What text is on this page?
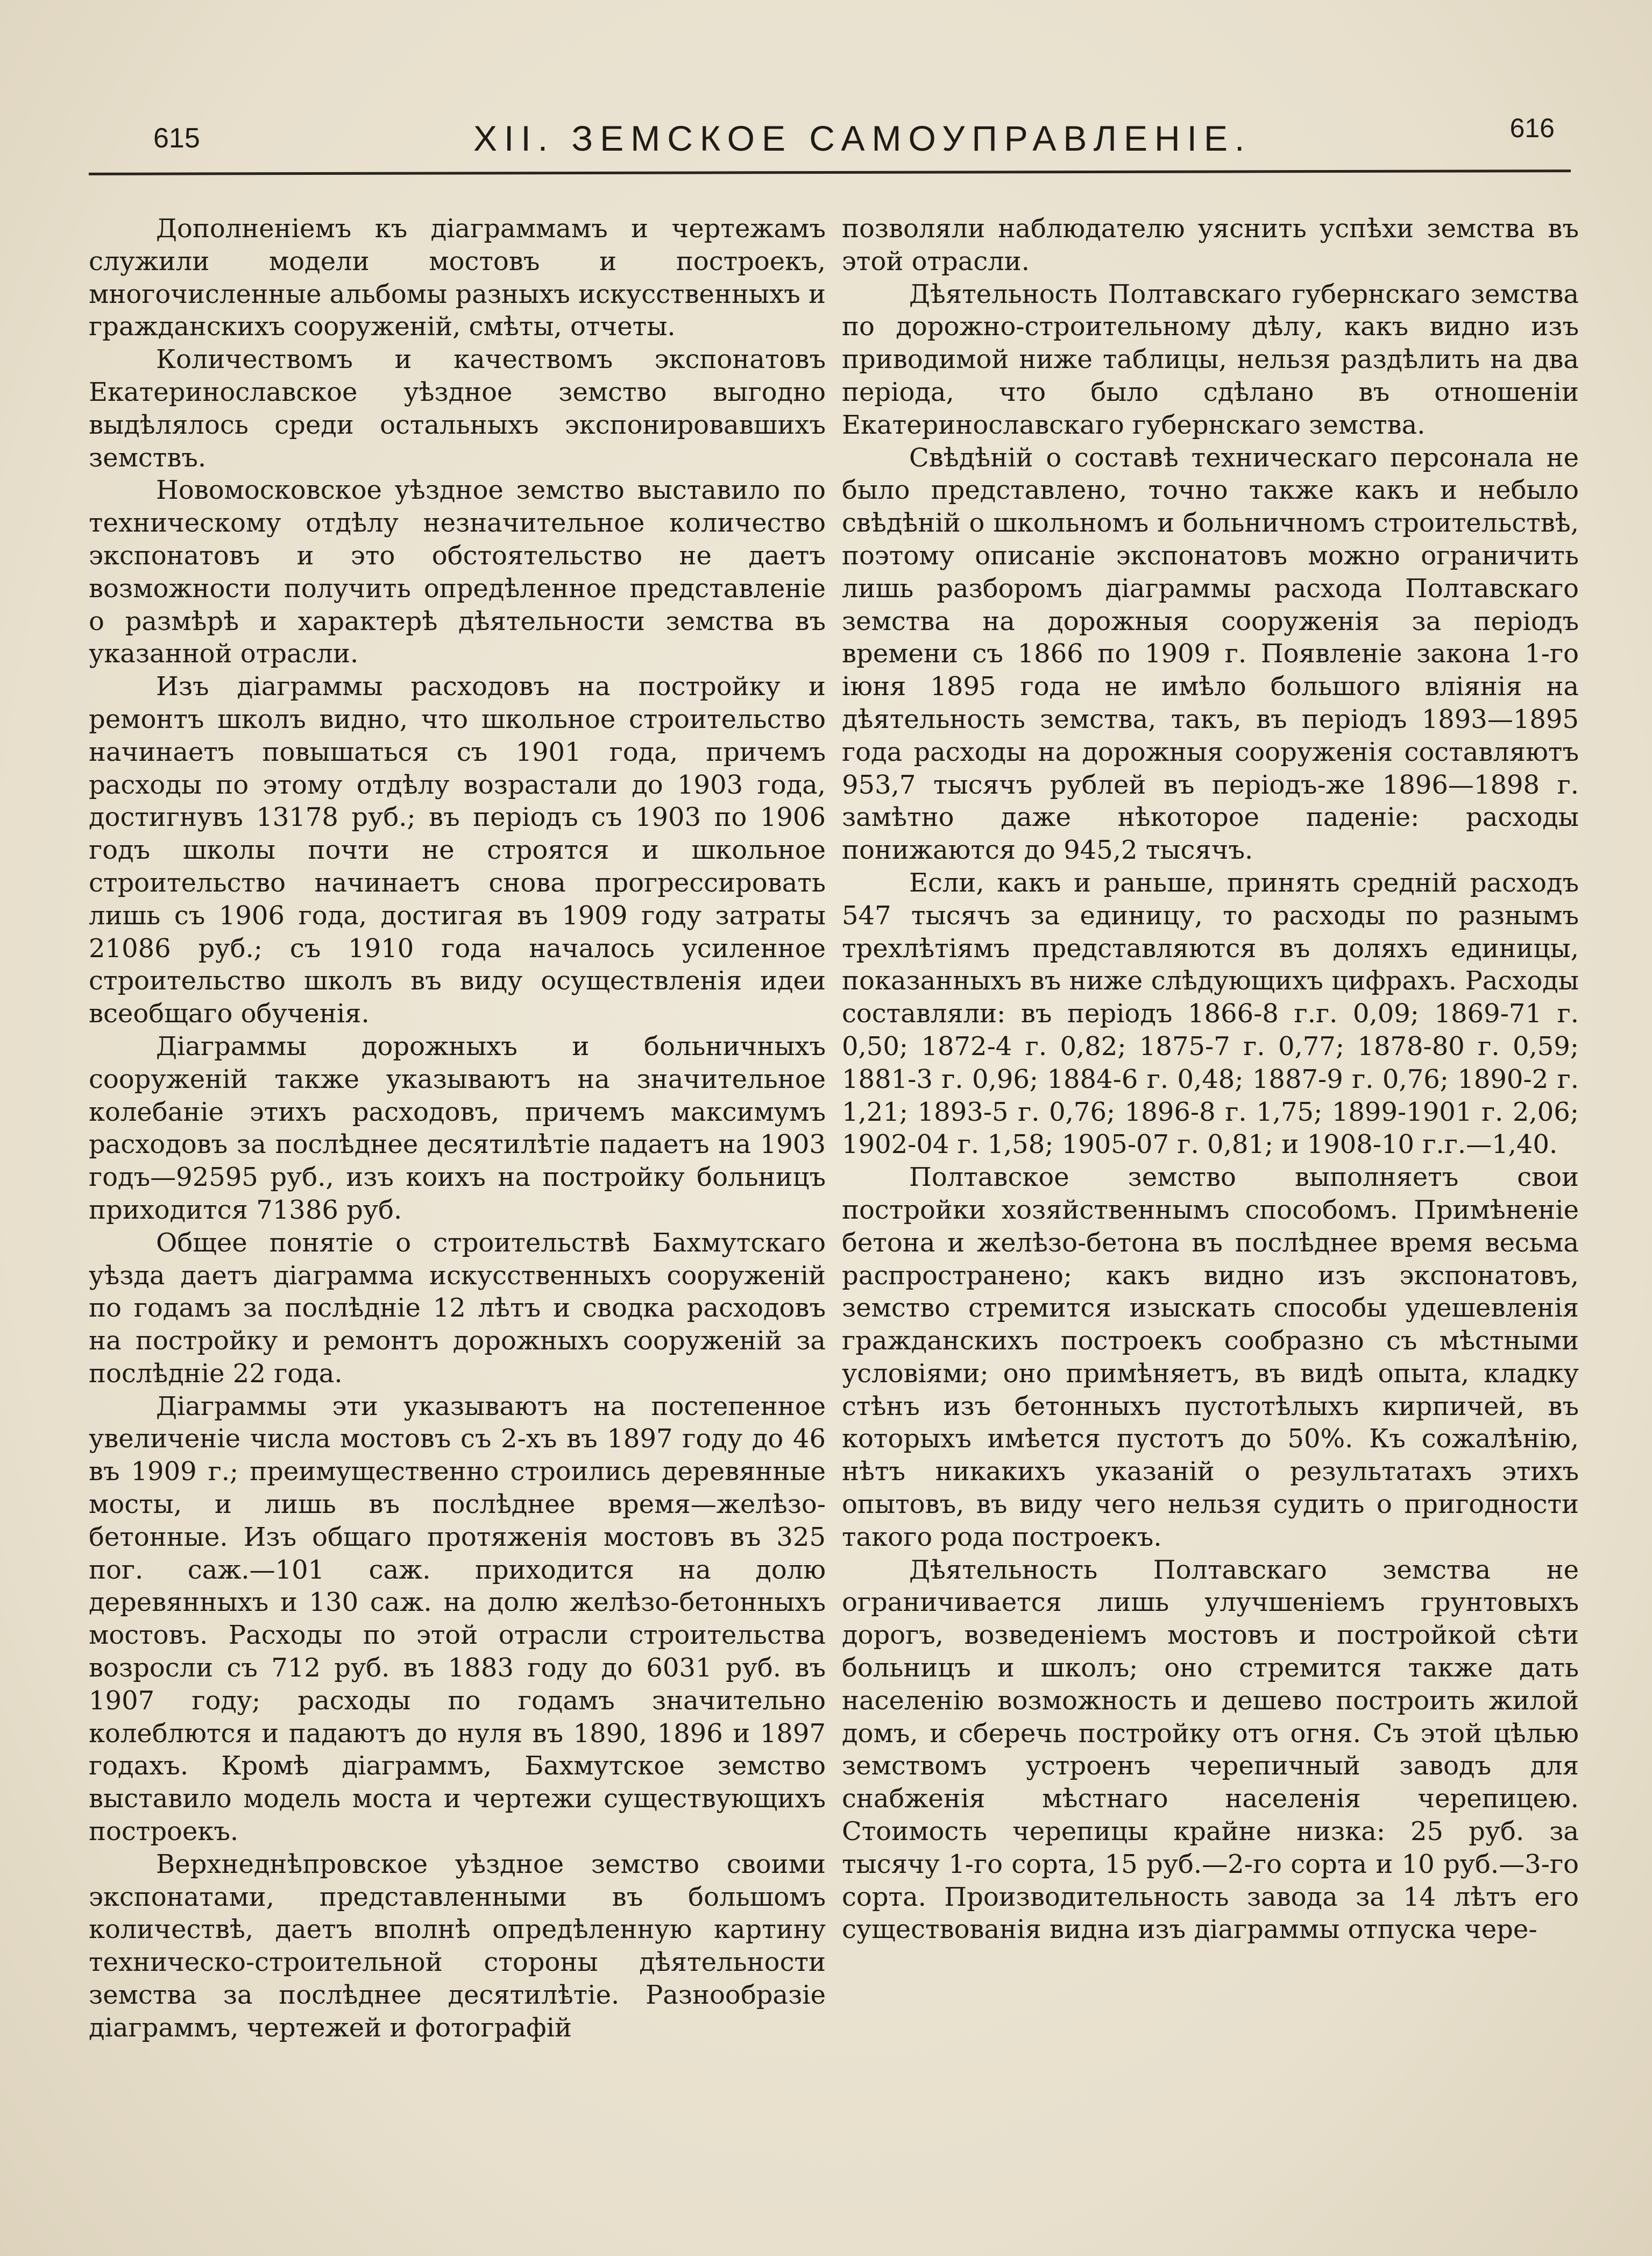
615	XII. ЗЕМСКОЕ САМОУПРАВЛЕНIЕ.	616

Дополненiемъ къ дiаграммамъ и чертежамъ служили модели мостовъ и построекъ, многочисленные альбомы разныхъ искусственныхъ и гражданскихъ сооруженiй, смѣты, отчеты.

Количествомъ и качествомъ экспонатовъ Екатеринославское уѣздное земство выгодно выдѣлялось среди остальныхъ экспонировавшихъ земствъ.

Новомосковское уѣздное земство выставило по техническому отдѣлу незначительное количество экспонатовъ и это обстоятельство не даетъ возможности получить опредѣленное представленiе о размѣрѣ и характерѣ дѣятельности земства въ указанной отрасли.

Изъ дiаграммы расходовъ на постройку и ремонтъ школъ видно, что школьное строительство начинаетъ повышаться съ 1901 года, причемъ расходы по этому отдѣлу возрастали до 1903 года, достигнувъ 13178 руб.; въ перiодъ съ 1903 по 1906 годъ школы почти не строятся и школьное строительство начинаетъ снова прогрессировать лишь съ 1906 года, достигая въ 1909 году затраты 21086 руб.; съ 1910 года началось усиленное строительство школъ въ виду осуществленiя идеи всеобщаго обученiя.

Дiаграммы дорожныхъ и больничныхъ сооруженiй также указываютъ на значительное колебанiе этихъ расходовъ, причемъ максимумъ расходовъ за послѣднее десятилѣтiе падаетъ на 1903 годъ—92595 руб., изъ коихъ на постройку больницъ приходится 71386 руб.

Общее понятiе о строительствѣ Бахмутскаго уѣзда даетъ дiаграмма искусственныхъ сооруженiй по годамъ за послѣднiе 12 лѣтъ и сводка расходовъ на постройку и ремонтъ дорожныхъ сооруженiй за послѣднiе 22 года.

Дiаграммы эти указываютъ на постепенное увеличенiе числа мостовъ съ 2-хъ въ 1897 году до 46 въ 1909 г.; преимущественно строились деревянные мосты, и лишь въ послѣднее время—желѣзо-бетонные. Изъ общаго протяженiя мостовъ въ 325 пог. саж.—101 саж. приходится на долю деревянныхъ и 130 саж. на долю желѣзо-бетонныхъ мостовъ. Расходы по этой отрасли строительства возросли съ 712 руб. въ 1883 году до 6031 руб. въ 1907 году; расходы по годамъ значительно колеблются и падаютъ до нуля въ 1890, 1896 и 1897 годахъ. Кромѣ дiаграммъ, Бахмутское земство выставило модель моста и чертежи существующихъ построекъ.

Верхнеднѣпровское уѣздное земство своими экспонатами, представленными въ большомъ количествѣ, даетъ вполнѣ опредѣленную картину техническо-строительной стороны дѣятельности земства за послѣднее десятилѣтiе. Разнообразiе дiаграммъ, чертежей и фотографiй

позволяли наблюдателю уяснить успѣхи земства въ этой отрасли.

Дѣятельность Полтавскаго губернскаго земства по дорожно-строительному дѣлу, какъ видно изъ приводимой ниже таблицы, нельзя раздѣлить на два перiода, что было сдѣлано въ отношенiи Екатеринославскаго губернскаго земства.

Свѣдѣнiй о составѣ техническаго персонала не было представлено, точно также какъ и небыло свѣдѣнiй о школьномъ и больничномъ строительствѣ, поэтому описанiе экспонатовъ можно ограничить лишь разборомъ дiаграммы расхода Полтавскаго земства на дорожныя сооруженiя за перiодъ времени съ 1866 по 1909 г. Появленiе закона 1-го iюня 1895 года не имѣло большого влiянiя на дѣятельность земства, такъ, въ перiодъ 1893—1895 года расходы на дорожныя сооруженiя составляютъ 953,7 тысячъ рублей въ перiодъ-же 1896—1898 г. замѣтно даже нѣкоторое паденiе: расходы понижаются до 945,2 тысячъ.

Если, какъ и раньше, принять среднiй расходъ 547 тысячъ за единицу, то расходы по разнымъ трехлѣтiямъ представляются въ доляхъ единицы, показанныхъ въ ниже слѣдующихъ цифрахъ. Расходы составляли: въ перiодъ 1866-8 г.г. 0,09; 1869-71 г. 0,50; 1872-4 г. 0,82; 1875-7 г. 0,77; 1878-80 г. 0,59; 1881-3 г. 0,96; 1884-6 г. 0,48; 1887-9 г. 0,76; 1890-2 г. 1,21; 1893-5 г. 0,76; 1896-8 г. 1,75; 1899-1901 г. 2,06; 1902-04 г. 1,58; 1905-07 г. 0,81; и 1908-10 г.г.—1,40.

Полтавское земство выполняетъ свои постройки хозяйственнымъ способомъ. Примѣненiе бетона и желѣзо-бетона въ послѣднее время весьма распространено; какъ видно изъ экспонатовъ, земство стремится изыскать способы удешевленiя гражданскихъ построекъ сообразно съ мѣстными условiями; оно примѣняетъ, въ видѣ опыта, кладку стѣнъ изъ бетонныхъ пустотѣлыхъ кирпичей, въ которыхъ имѣется пустотъ до 50%. Къ сожалѣнiю, нѣтъ никакихъ указанiй о результатахъ этихъ опытовъ, въ виду чего нельзя судить о пригодности такого рода построекъ.

Дѣятельность Полтавскаго земства не ограничивается лишь улучшенiемъ грунтовыхъ дорогъ, возведенiемъ мостовъ и постройкой сѣти больницъ и школъ; оно стремится также дать населенiю возможность и дешево построить жилой домъ, и сберечь постройку отъ огня. Съ этой цѣлью земствомъ устроенъ черепичный заводъ для снабженiя мѣстнаго населенiя черепицею. Стоимость черепицы крайне низка: 25 руб. за тысячу 1-го сорта, 15 руб.—2-го сорта и 10 руб.—3-го сорта. Производительность завода за 14 лѣтъ его существованiя видна изъ дiаграммы отпуска чере-
